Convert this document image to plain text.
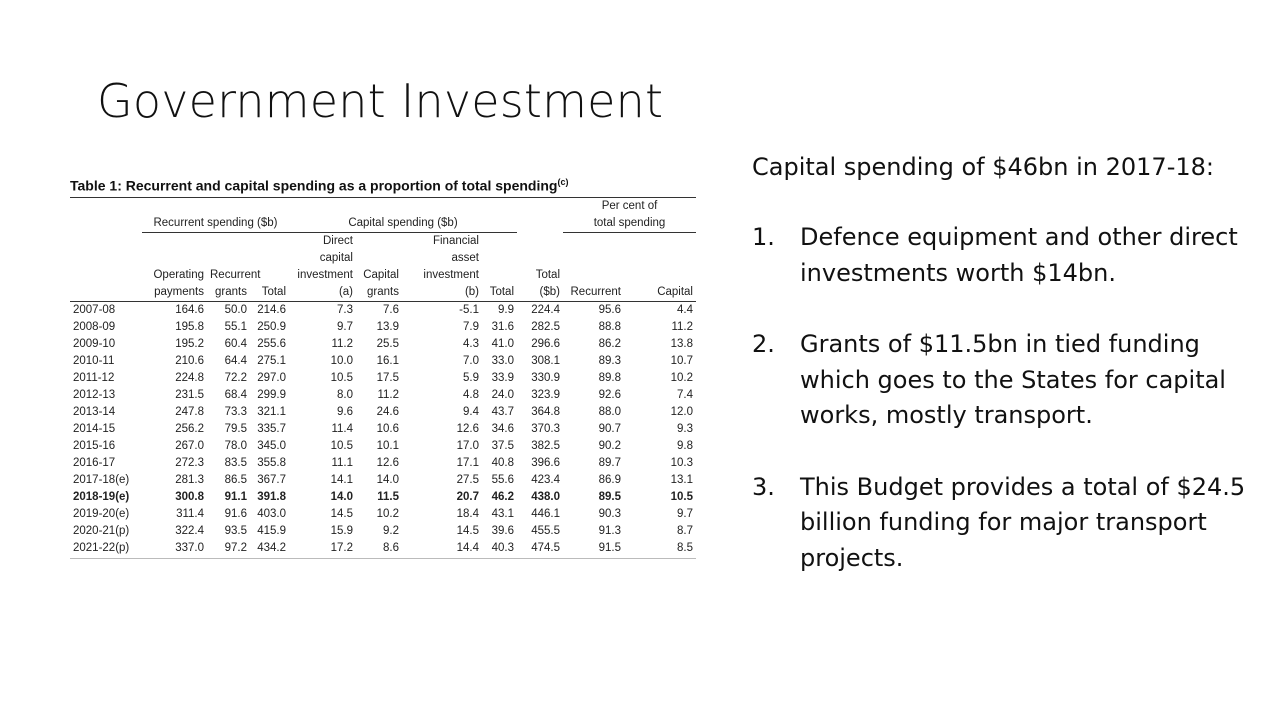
Government Investment
Table 1: Recurrent and capital spending as a proportion of total spending$^{(c)}$
									Per cent of	
	Recurrent spending ($b)			Capital spending ($b)					total spending	
				Direct		Financial				
				capital		asset				
	Operating	Recurrent		investment	Capital	investment		Total		
	payments	grants	Total	(a)	grants	(b)	Total	($b)	Recurrent	Capital
2007-08	164.6	50.0	214.6	7.3	7.6	-5.1	9.9	224.4	95.6	4.4
2008-09	195.8	55.1	250.9	9.7	13.9	7.9	31.6	282.5	88.8	11.2
2009-10	195.2	60.4	255.6	11.2	25.5	4.3	41.0	296.6	86.2	13.8
2010-11	210.6	64.4	275.1	10.0	16.1	7.0	33.0	308.1	89.3	10.7
2011-12	224.8	72.2	297.0	10.5	17.5	5.9	33.9	330.9	89.8	10.2
2012-13	231.5	68.4	299.9	8.0	11.2	4.8	24.0	323.9	92.6	7.4
2013-14	247.8	73.3	321.1	9.6	24.6	9.4	43.7	364.8	88.0	12.0
2014-15	256.2	79.5	335.7	11.4	10.6	12.6	34.6	370.3	90.7	9.3
2015-16	267.0	78.0	345.0	10.5	10.1	17.0	37.5	382.5	90.2	9.8
2016-17	272.3	83.5	355.8	11.1	12.6	17.1	40.8	396.6	89.7	10.3
2017-18(e)	281.3	86.5	367.7	14.1	14.0	27.5	55.6	423.4	86.9	13.1
2018-19(e)	300.8	91.1	391.8	14.0	11.5	20.7	46.2	438.0	89.5	10.5
2019-20(e)	311.4	91.6	403.0	14.5	10.2	18.4	43.1	446.1	90.3	9.7
2020-21(p)	322.4	93.5	415.9	15.9	9.2	14.5	39.6	455.5	91.3	8.7
2021-22(p)	337.0	97.2	434.2	17.2	8.6	14.4	40.3	474.5	91.5	8.5

Capital spending of $46bn in 2017-18:

1.	Defence equipment and other direct investments worth $14bn.
2.	Grants of $11.5bn in tied funding which goes to the States for capital works, mostly transport.
3.	This Budget provides a total of $24.5 billion funding for major transport projects.
